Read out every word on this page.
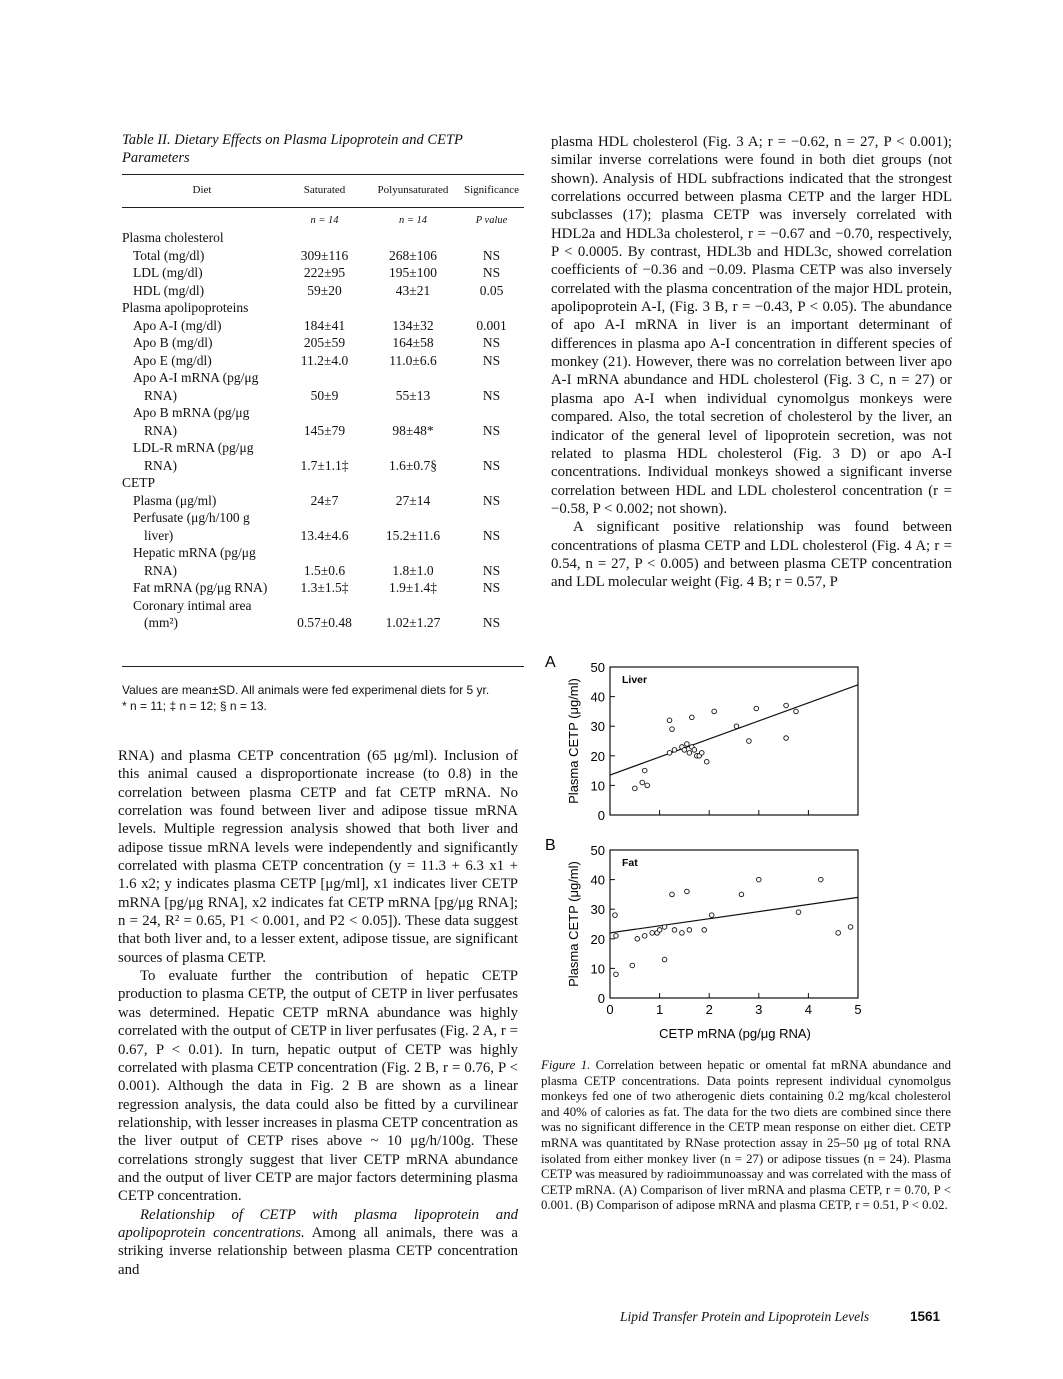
Table II. Dietary Effects on Plasma Lipoprotein and CETP Parameters
Diet	Saturated	Polyunsaturated	Significance

	n = 14	n = 14	P value
Plasma cholesterol			
Total (mg/dl)	309±116	268±106	NS
LDL (mg/dl)	222±95	195±100	NS
HDL (mg/dl)	59±20	43±21	0.05
Plasma apolipoproteins			
Apo A-I (mg/dl)	184±41	134±32	0.001
Apo B (mg/dl)	205±59	164±58	NS
Apo E (mg/dl)	11.2±4.0	11.0±6.6	NS
Apo A-I mRNA (pg/μg			
RNA)	50±9	55±13	NS
Apo B mRNA (pg/μg			
RNA)	145±79	98±48*	NS
LDL-R mRNA (pg/μg			
RNA)	1.7±1.1‡	1.6±0.7§	NS
CETP			
Plasma (μg/ml)	24±7	27±14	NS
Perfusate (μg/h/100 g			
liver)	13.4±4.6	15.2±11.6	NS
Hepatic mRNA (pg/μg			
RNA)	1.5±0.6	1.8±1.0	NS
Fat mRNA (pg/μg RNA)	1.3±1.5‡	1.9±1.4‡	NS
Coronary intimal area			
(mm²)	0.57±0.48	1.02±1.27	NS
Values are mean±SD. All animals were fed experimenal diets for 5 yr.
* n = 11; ‡ n = 12; § n = 13.

RNA) and plasma CETP concentration (65 μg/ml). Inclusion of this animal caused a disproportionate increase (to 0.8) in the correlation between plasma CETP and fat CETP mRNA. No correlation was found between liver and adipose tissue mRNA levels. Multiple regression analysis showed that both liver and adipose tissue mRNA levels were independently and significantly correlated with plasma CETP concentration (y = 11.3 + 6.3 x1 + 1.6 x2; y indicates plasma CETP [μg/ml], x1 indicates liver CETP mRNA [pg/μg RNA], x2 indicates fat CETP mRNA [pg/μg RNA]; n = 24, R² = 0.65, P1 < 0.001, and P2 < 0.05]). These data suggest that both liver and, to a lesser extent, adipose tissue, are significant sources of plasma CETP.

To evaluate further the contribution of hepatic CETP production to plasma CETP, the output of CETP in liver perfusates was determined. Hepatic CETP mRNA abundance was highly correlated with the output of CETP in liver perfusates (Fig. 2 A, r = 0.67, P < 0.01). In turn, hepatic output of CETP was highly correlated with plasma CETP concentration (Fig. 2 B, r = 0.76, P < 0.001). Although the data in Fig. 2 B are shown as a linear regression analysis, the data could also be fitted by a curvilinear relationship, with lesser increases in plasma CETP concentration as the liver output of CETP rises above ~ 10 μg/h/100g. These correlations strongly suggest that liver CETP mRNA abundance and the output of liver CETP are major factors determining plasma CETP concentration.

Relationship of CETP with plasma lipoprotein and apolipoprotein concentrations. Among all animals, there was a striking inverse relationship between plasma CETP concentration and

plasma HDL cholesterol (Fig. 3 A; r = −0.62, n = 27, P < 0.001); similar inverse correlations were found in both diet groups (not shown). Analysis of HDL subfractions indicated that the strongest correlations occurred between plasma CETP and the larger HDL subclasses (17); plasma CETP was inversely correlated with HDL2a and HDL3a cholesterol, r = −0.67 and −0.70, respectively, P < 0.0005. By contrast, HDL3b and HDL3c, showed correlation coefficients of −0.36 and −0.09. Plasma CETP was also inversely correlated with the plasma concentration of the major HDL protein, apolipoprotein A-I, (Fig. 3 B, r = −0.43, P < 0.05). The abundance of apo A-I mRNA in liver is an important determinant of differences in plasma apo A-I concentration in different species of monkey (21). However, there was no correlation between liver apo A-I mRNA abundance and HDL cholesterol (Fig. 3 C, n = 27) or plasma apo A-I when individual cynomolgus monkeys were compared. Also, the total secretion of cholesterol by the liver, an indicator of the general level of lipoprotein secretion, was not related to plasma HDL cholesterol (Fig. 3 D) or apo A-I concentrations. Individual monkeys showed a significant inverse correlation between HDL and LDL cholesterol concentration (r = −0.58, P < 0.002; not shown).

A significant positive relationship was found between concentrations of plasma CETP and LDL cholesterol (Fig. 4 A; r = 0.54, n = 27, P < 0.005) and between plasma CETP concentration and LDL molecular weight (Fig. 4 B; r = 0.57, P

A
B
0
10
20
30
40
50
Plasma CETP (μg/ml)	Liver
0
10
20
30
40
50
0	1	2	3	4	5
Plasma CETP (μg/ml)	Fat
CETP mRNA (pg/μg RNA)
Figure 1. Correlation between hepatic or omental fat mRNA abundance and plasma CETP concentrations. Data points represent individual cynomolgus monkeys fed one of two atherogenic diets containing 0.2 mg/kcal cholesterol and 40% of calories as fat. The data for the two diets are combined since there was no significant difference in the CETP mean response on either diet. CETP mRNA was quantitated by RNase protection assay in 25–50 μg of total RNA isolated from either monkey liver (n = 27) or adipose tissues (n = 24). Plasma CETP was measured by radioimmunoassay and was correlated with the mass of CETP mRNA. (A) Comparison of liver mRNA and plasma CETP, r = 0.70, P < 0.001. (B) Comparison of adipose mRNA and plasma CETP, r = 0.51, P < 0.02.
Lipid Transfer Protein and Lipoprotein Levels	1561
